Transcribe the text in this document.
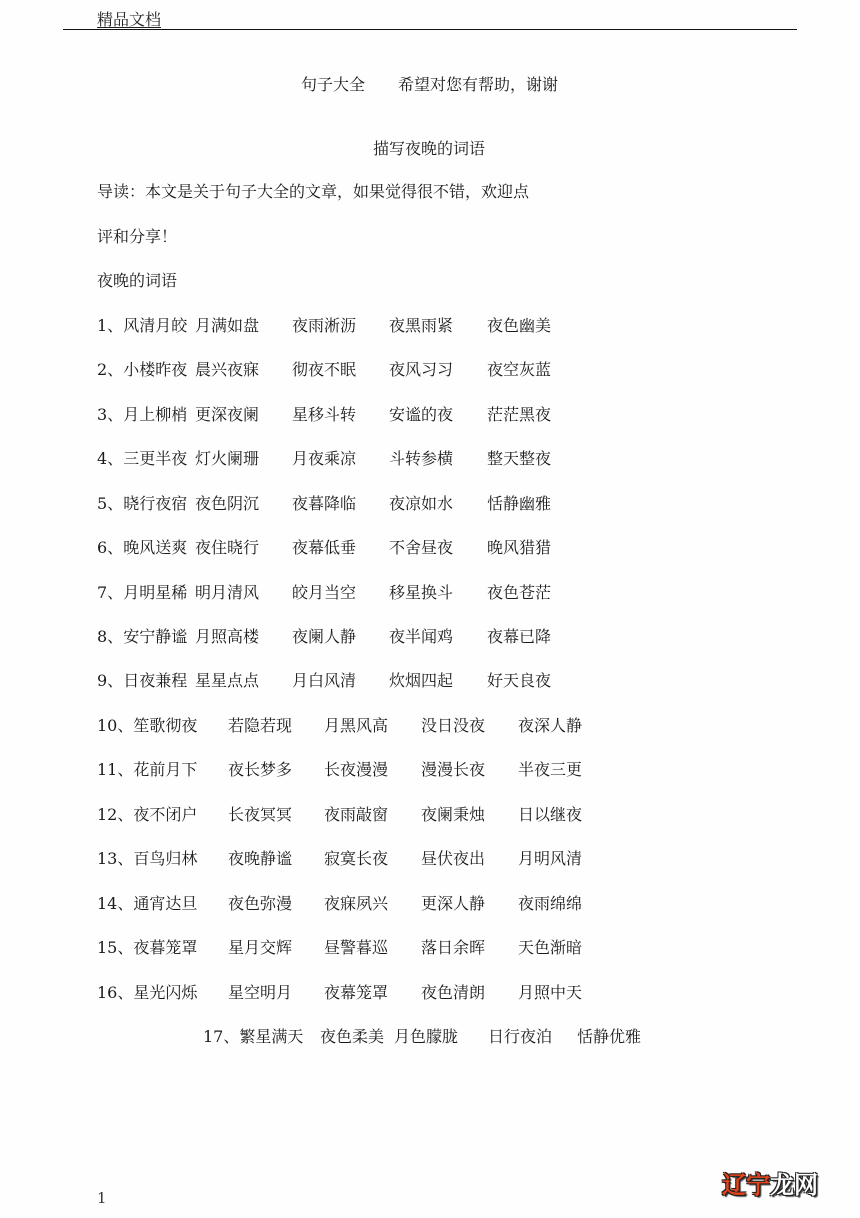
精品文档
句子大全 希望对您有帮助，谢谢
描写夜晚的词语
导读：本文是关于句子大全的文章，如果觉得很不错，欢迎点
评和分享！
夜晚的词语
1、风清月皎 月满如盘 夜雨淅沥 夜黑雨紧 夜色幽美
2、小楼昨夜 晨兴夜寐 彻夜不眠 夜风习习 夜空灰蓝
3、月上柳梢 更深夜阑 星移斗转 安谧的夜 茫茫黑夜
4、三更半夜 灯火阑珊 月夜乘凉 斗转参横 整天整夜
5、晓行夜宿 夜色阴沉 夜暮降临 夜凉如水 恬静幽雅
6、晚风送爽 夜住晓行 夜幕低垂 不舍昼夜 晚风猎猎
7、月明星稀 明月清风 皎月当空 移星换斗 夜色苍茫
8、安宁静谧 月照高楼 夜阑人静 夜半闻鸡 夜幕已降
9、日夜兼程 星星点点 月白风清 炊烟四起 好天良夜
10、笙歌彻夜 若隐若现 月黑风高 没日没夜 夜深人静
11、花前月下 夜长梦多 长夜漫漫 漫漫长夜 半夜三更
12、夜不闭户 长夜冥冥 夜雨敲窗 夜阑秉烛 日以继夜
13、百鸟归林 夜晚静谧 寂寞长夜 昼伏夜出 月明风清
14、通宵达旦 夜色弥漫 夜寐夙兴 更深人静 夜雨绵绵
15、夜暮笼罩 星月交辉 昼警暮巡 落日余晖 天色渐暗
16、星光闪烁 星空明月 夜幕笼罩 夜色清朗 月照中天
17、繁星满天 夜色柔美 月色朦胧 日行夜泊 恬静优雅
1	辽宁龙网
